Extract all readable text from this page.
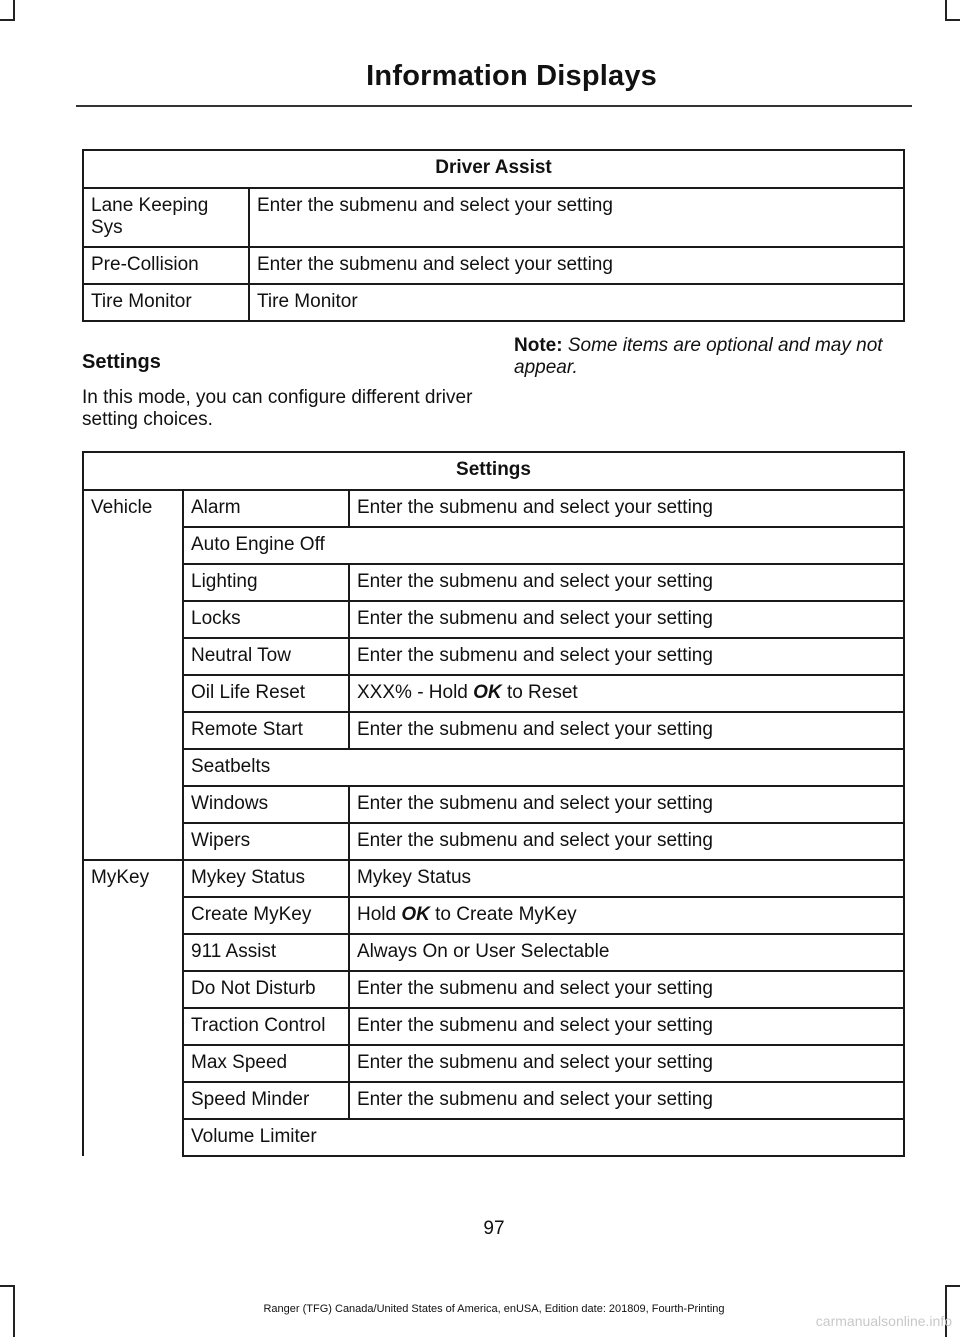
Information Displays
Driver Assist	
Lane Keeping Sys	Enter the submenu and select your setting
Pre-Collision	Enter the submenu and select your setting
Tire Monitor	Tire Monitor
Settings
In this mode, you can configure different driver setting choices.
Note: Some items are optional and may not appear.
Settings		
Vehicle	Alarm	Enter the submenu and select your setting
	Auto Engine Off	
	Lighting	Enter the submenu and select your setting
	Locks	Enter the submenu and select your setting
	Neutral Tow	Enter the submenu and select your setting
	Oil Life Reset	XXX% - Hold OK to Reset
	Remote Start	Enter the submenu and select your setting
	Seatbelts	
	Windows	Enter the submenu and select your setting
	Wipers	Enter the submenu and select your setting
MyKey	Mykey Status	Mykey Status
	Create MyKey	Hold OK to Create MyKey
	911 Assist	Always On or User Selectable
	Do Not Disturb	Enter the submenu and select your setting
	Traction Control	Enter the submenu and select your setting
	Max Speed	Enter the submenu and select your setting
	Speed Minder	Enter the submenu and select your setting
	Volume Limiter	
97
Ranger (TFG) Canada/United States of America, enUSA, Edition date: 201809, Fourth-Printing
carmanualsonline.info
